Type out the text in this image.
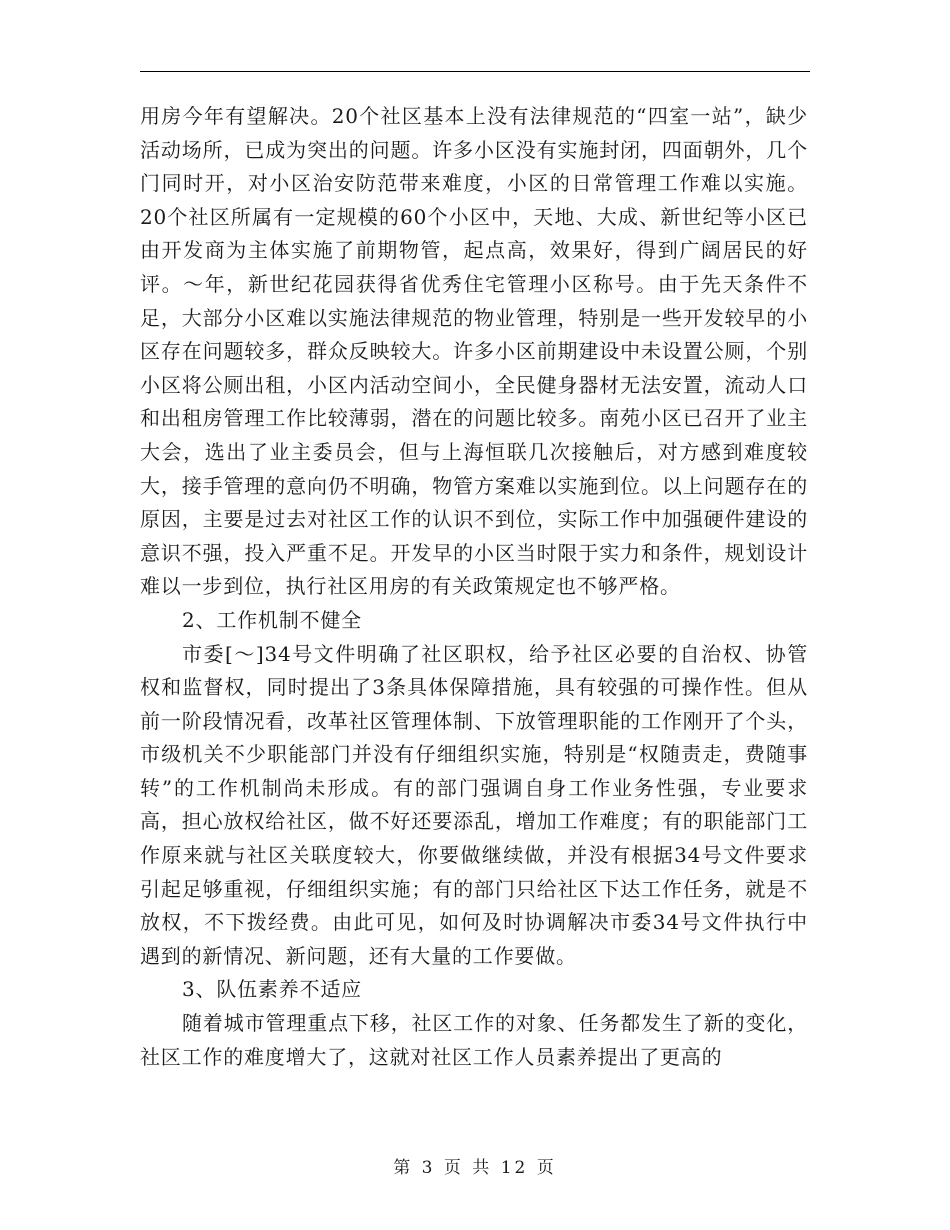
用房今年有望解决。20个社区基本上没有法律规范的“四室一站”，缺少活动场所，已成为突出的问题。许多小区没有实施封闭，四面朝外，几个门同时开，对小区治安防范带来难度，小区的日常管理工作难以实施。20个社区所属有一定规模的60个小区中，天地、大成、新世纪等小区已由开发商为主体实施了前期物管，起点高，效果好，得到广阔居民的好评。～年，新世纪花园获得省优秀住宅管理小区称号。由于先天条件不足，大部分小区难以实施法律规范的物业管理，特别是一些开发较早的小区存在问题较多，群众反映较大。许多小区前期建设中未设置公厕，个别小区将公厕出租，小区内活动空间小，全民健身器材无法安置，流动人口和出租房管理工作比较薄弱，潜在的问题比较多。南苑小区已召开了业主大会，选出了业主委员会，但与上海恒联几次接触后，对方感到难度较大，接手管理的意向仍不明确，物管方案难以实施到位。以上问题存在的原因，主要是过去对社区工作的认识不到位，实际工作中加强硬件建设的意识不强，投入严重不足。开发早的小区当时限于实力和条件，规划设计难以一步到位，执行社区用房的有关政策规定也不够严格。

2、工作机制不健全

市委[～]34号文件明确了社区职权，给予社区必要的自治权、协管权和监督权，同时提出了3条具体保障措施，具有较强的可操作性。但从前一阶段情况看，改革社区管理体制、下放管理职能的工作刚开了个头，市级机关不少职能部门并没有仔细组织实施，特别是“权随责走，费随事转”的工作机制尚未形成。有的部门强调自身工作业务性强，专业要求高，担心放权给社区，做不好还要添乱，增加工作难度；有的职能部门工作原来就与社区关联度较大，你要做继续做，并没有根据34号文件要求引起足够重视，仔细组织实施；有的部门只给社区下达工作任务，就是不放权，不下拨经费。由此可见，如何及时协调解决市委34号文件执行中遇到的新情况、新问题，还有大量的工作要做。

3、队伍素养不适应

随着城市管理重点下移，社区工作的对象、任务都发生了新的变化，社区工作的难度增大了，这就对社区工作人员素养提出了更高的

第 3 页 共 12 页
